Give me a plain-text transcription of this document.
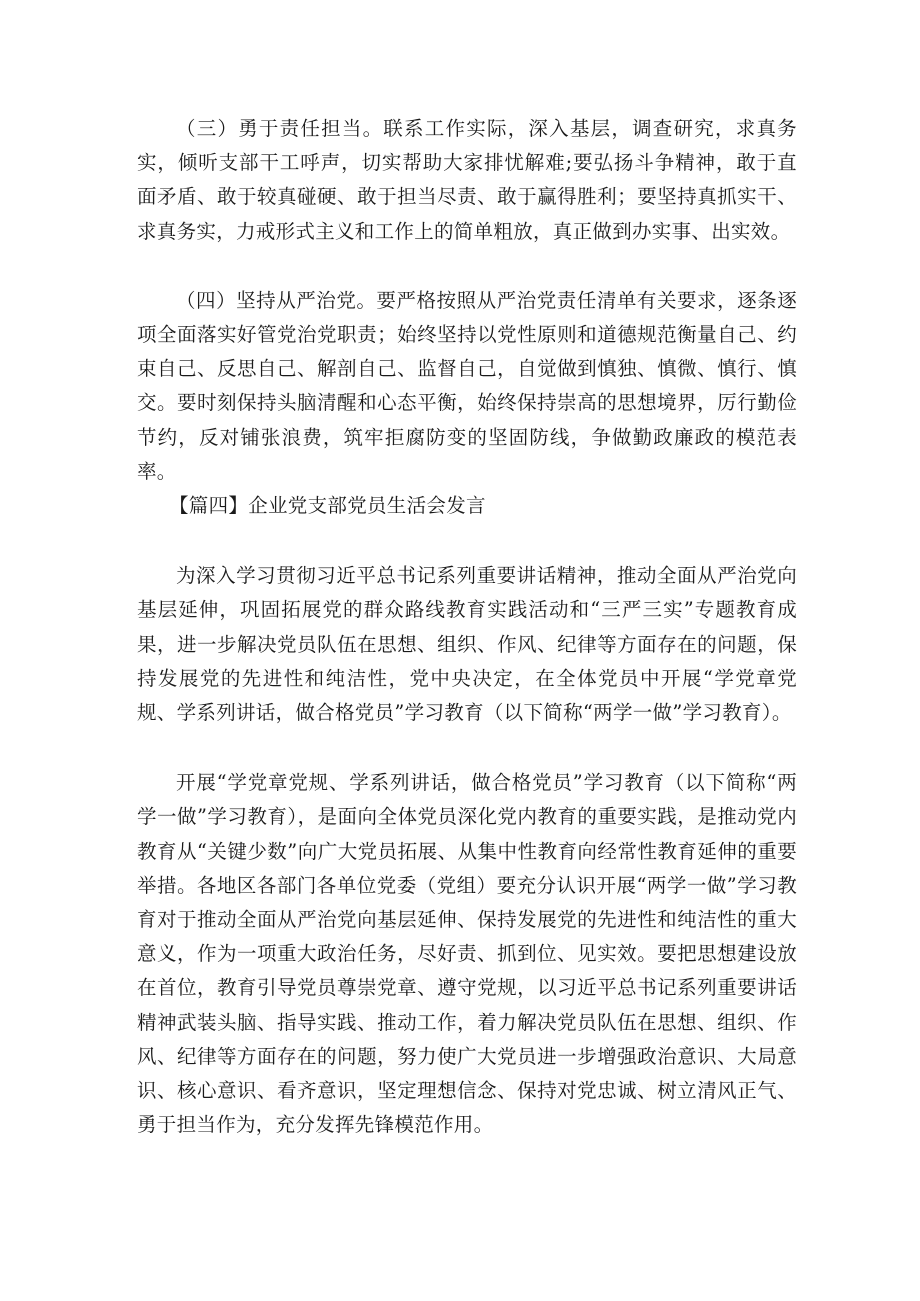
（三）勇于责任担当。联系工作实际，深入基层，调查研究，求真务实，倾听支部干工呼声，切实帮助大家排忧解难;要弘扬斗争精神，敢于直面矛盾、敢于较真碰硬、敢于担当尽责、敢于赢得胜利；要坚持真抓实干、求真务实，力戒形式主义和工作上的简单粗放，真正做到办实事、出实效。

（四）坚持从严治党。要严格按照从严治党责任清单有关要求，逐条逐项全面落实好管党治党职责；始终坚持以党性原则和道德规范衡量自己、约束自己、反思自己、解剖自己、监督自己，自觉做到慎独、慎微、慎行、慎交。要时刻保持头脑清醒和心态平衡，始终保持崇高的思想境界，厉行勤俭节约，反对铺张浪费，筑牢拒腐防变的坚固防线，争做勤政廉政的模范表率。

【篇四】企业党支部党员生活会发言

为深入学习贯彻习近平总书记系列重要讲话精神，推动全面从严治党向基层延伸，巩固拓展党的群众路线教育实践活动和“三严三实”专题教育成果，进一步解决党员队伍在思想、组织、作风、纪律等方面存在的问题，保持发展党的先进性和纯洁性，党中央决定，在全体党员中开展“学党章党规、学系列讲话，做合格党员”学习教育（以下简称“两学一做”学习教育）。

开展“学党章党规、学系列讲话，做合格党员”学习教育（以下简称“两学一做”学习教育），是面向全体党员深化党内教育的重要实践，是推动党内教育从“关键少数”向广大党员拓展、从集中性教育向经常性教育延伸的重要举措。各地区各部门各单位党委（党组）要充分认识开展“两学一做”学习教育对于推动全面从严治党向基层延伸、保持发展党的先进性和纯洁性的重大意义，作为一项重大政治任务，尽好责、抓到位、见实效。要把思想建设放在首位，教育引导党员尊崇党章、遵守党规，以习近平总书记系列重要讲话精神武装头脑、指导实践、推动工作，着力解决党员队伍在思想、组织、作风、纪律等方面存在的问题，努力使广大党员进一步增强政治意识、大局意识、核心意识、看齐意识，坚定理想信念、保持对党忠诚、树立清风正气、勇于担当作为，充分发挥先锋模范作用。
